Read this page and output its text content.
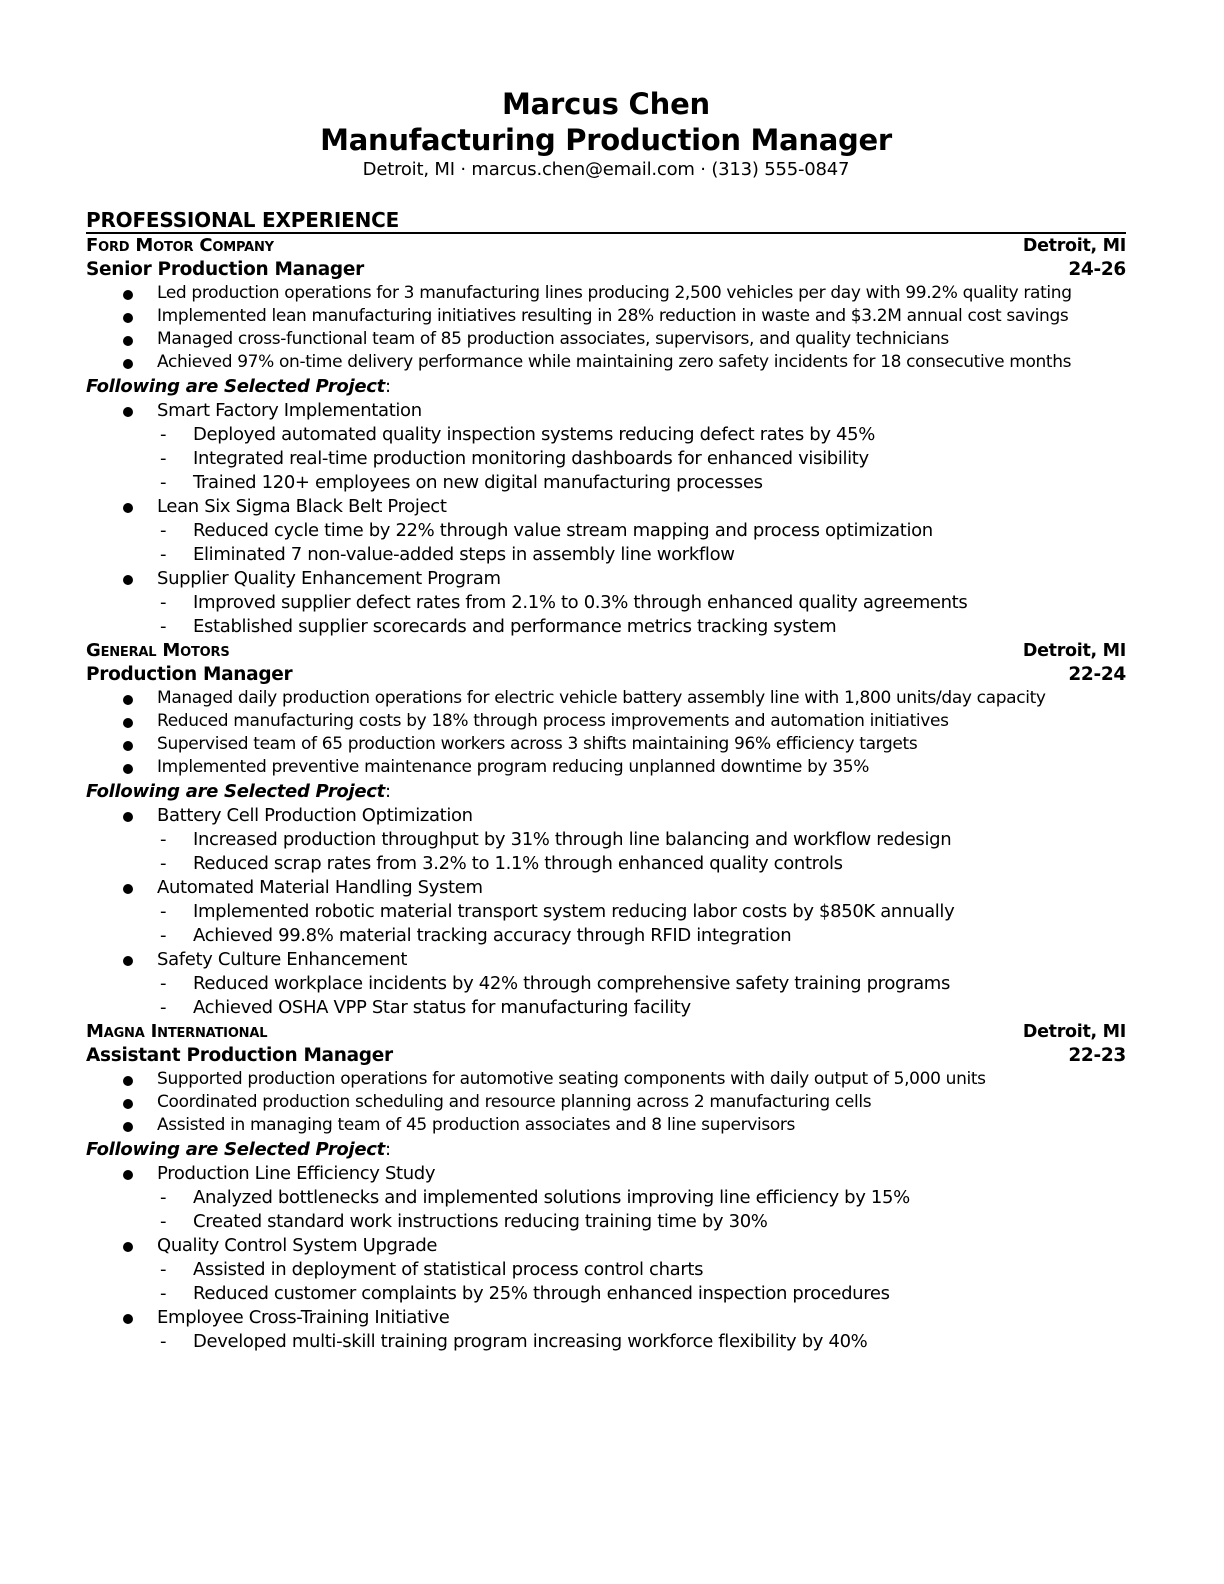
Marcus Chen
Manufacturing Production Manager
Detroit, MI · marcus.chen@email.com · (313) 555-0847
PROFESSIONAL EXPERIENCE
Ford Motor Company	Detroit, MI
Senior Production Manager	24-26
Led production operations for 3 manufacturing lines producing 2,500 vehicles per day with 99.2% quality rating
Implemented lean manufacturing initiatives resulting in 28% reduction in waste and $3.2M annual cost savings
Managed cross-functional team of 85 production associates, supervisors, and quality technicians
Achieved 97% on-time delivery performance while maintaining zero safety incidents for 18 consecutive months
Following are Selected Project:
Smart Factory Implementation
- Deployed automated quality inspection systems reducing defect rates by 45%
- Integrated real-time production monitoring dashboards for enhanced visibility
- Trained 120+ employees on new digital manufacturing processes
Lean Six Sigma Black Belt Project
- Reduced cycle time by 22% through value stream mapping and process optimization
- Eliminated 7 non-value-added steps in assembly line workflow
Supplier Quality Enhancement Program
- Improved supplier defect rates from 2.1% to 0.3% through enhanced quality agreements
- Established supplier scorecards and performance metrics tracking system
General Motors	Detroit, MI
Production Manager	22-24
Managed daily production operations for electric vehicle battery assembly line with 1,800 units/day capacity
Reduced manufacturing costs by 18% through process improvements and automation initiatives
Supervised team of 65 production workers across 3 shifts maintaining 96% efficiency targets
Implemented preventive maintenance program reducing unplanned downtime by 35%
Following are Selected Project:
Battery Cell Production Optimization
- Increased production throughput by 31% through line balancing and workflow redesign
- Reduced scrap rates from 3.2% to 1.1% through enhanced quality controls
Automated Material Handling System
- Implemented robotic material transport system reducing labor costs by $850K annually
- Achieved 99.8% material tracking accuracy through RFID integration
Safety Culture Enhancement
- Reduced workplace incidents by 42% through comprehensive safety training programs
- Achieved OSHA VPP Star status for manufacturing facility
Magna International	Detroit, MI
Assistant Production Manager	22-23
Supported production operations for automotive seating components with daily output of 5,000 units
Coordinated production scheduling and resource planning across 2 manufacturing cells
Assisted in managing team of 45 production associates and 8 line supervisors
Following are Selected Project:
Production Line Efficiency Study
- Analyzed bottlenecks and implemented solutions improving line efficiency by 15%
- Created standard work instructions reducing training time by 30%
Quality Control System Upgrade
- Assisted in deployment of statistical process control charts
- Reduced customer complaints by 25% through enhanced inspection procedures
Employee Cross-Training Initiative
- Developed multi-skill training program increasing workforce flexibility by 40%
